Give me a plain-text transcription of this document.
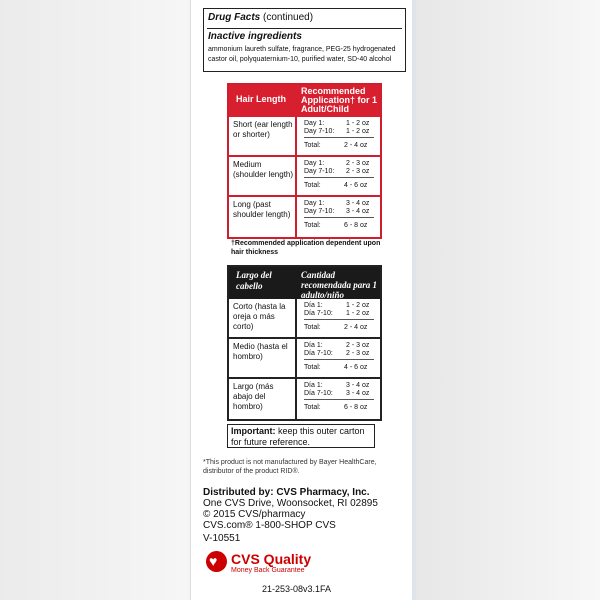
Drug Facts (continued)
Inactive ingredients
ammonium laureth sulfate, fragrance, PEG-25 hydrogenated castor oil, polyquaternium-10, purified water, SD-40 alcohol
Hair Length
Recommended Application† for 1 Adult/Child
Short (ear length or shorter)
Day 1:	1 - 2 oz
Day 7-10:	1 - 2 oz
Total:	2 - 4 oz
Medium (shoulder length)
Day 1:	2 - 3 oz
Day 7-10:	2 - 3 oz
Total:	4 - 6 oz
Long (past shoulder length)
Day 1:	3 - 4 oz
Day 7-10:	3 - 4 oz
Total:	6 - 8 oz
†Recommended application dependent upon hair thickness
Largo del cabello
Cantidad recomendada para 1 adulto/niño
Corto (hasta la oreja o más corto)
Día 1:	1 - 2 oz
Día 7-10:	1 - 2 oz
Total:	2 - 4 oz
Medio (hasta el hombro)
Día 1:	2 - 3 oz
Día 7-10:	2 - 3 oz
Total:	4 - 6 oz
Largo (más abajo del hombro)
Día 1:	3 - 4 oz
Día 7-10:	3 - 4 oz
Total:	6 - 8 oz
Important: keep this outer carton for future reference.
*This product is not manufactured by Bayer HealthCare, distributor of the product RID®.
Distributed by: CVS Pharmacy, Inc.
One CVS Drive, Woonsocket, RI 02895
© 2015 CVS/pharmacy
CVS.com® 1-800-SHOP CVS
V-10551
♥ CVS Quality
Money Back Guarantee
21-253-08v3.1FA
